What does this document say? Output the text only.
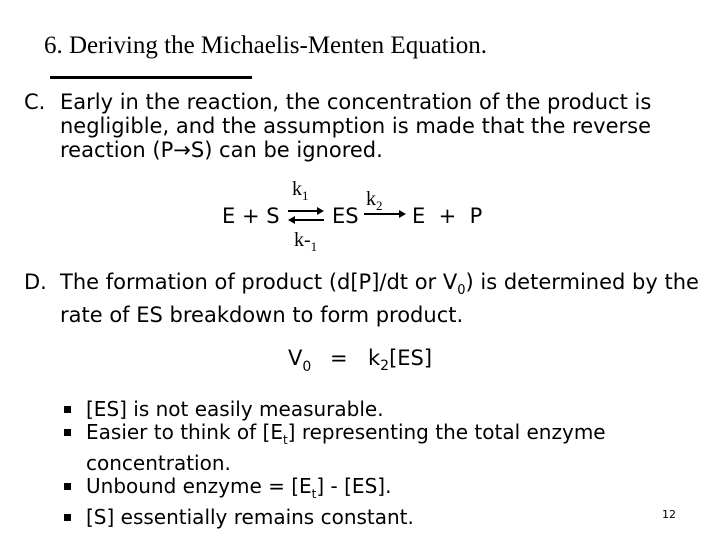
6. Deriving the Michaelis-Menten Equation.
C. Early in the reaction, the concentration of the product is negligible, and the assumption is made that the reverse reaction (P→S) can be ignored.
$k_1$
E + S ⇌ ES
$k_2$ E  +  P
$k-_1$
D. The formation of product (d[P]/dt or $V_0$) is determined by the rate of ES breakdown to form product.
$V_0 = k_2[ES]$
[ES] is not easily measurable.
Easier to think of $[E_t]$ representing the total enzyme
concentration.
Unbound enzyme = $[E_t] - [ES]$.
[S] essentially remains constant.	12
